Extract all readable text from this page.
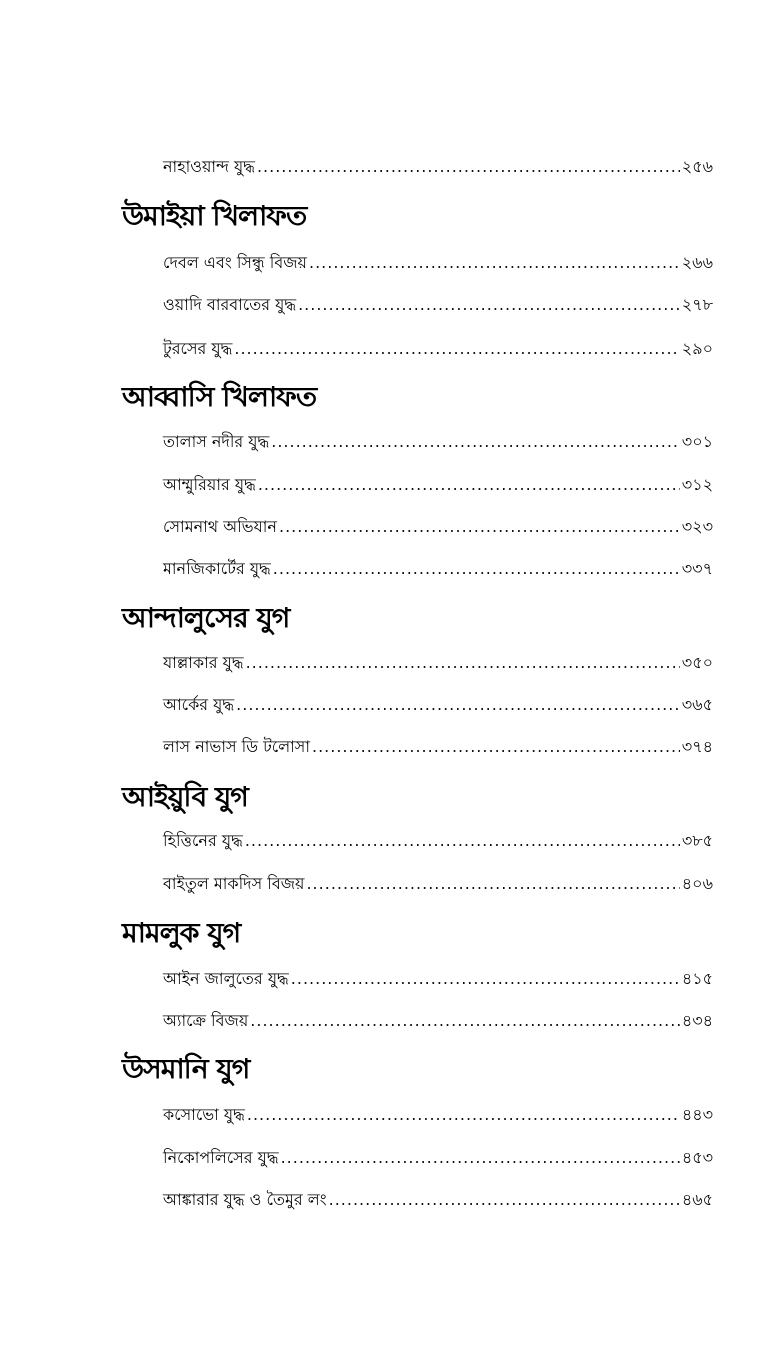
নাহাওয়ান্দ যুদ্ধ .....	২৫৬
উমাইয়া খিলাফত
দেবল এবং সিন্ধু বিজয় .....	২৬৬
ওয়াদি বারবাতের যুদ্ধ .....	২৭৮
টুরসের যুদ্ধ .....	২৯০
আব্বাসি খিলাফত
তালাস নদীর যুদ্ধ .....	৩০১
আম্মুরিয়ার যুদ্ধ .....	৩১২
সোমনাথ অভিযান .....	৩২৩
মানজিকার্টের যুদ্ধ .....	৩৩৭
আন্দালুসের যুগ
যাল্লাকার যুদ্ধ .....	৩৫০
আর্কের যুদ্ধ .....	৩৬৫
লাস নাভাস ডি টলোসা .....	৩৭৪
আইয়ুবি যুগ
হিত্তিনের যুদ্ধ .....	৩৮৫
বাইতুল মাকদিস বিজয় .....	৪০৬
মামলুক যুগ
আইন জালুতের যুদ্ধ .....	৪১৫
অ্যাক্রে বিজয় .....	৪৩৪
উসমানি যুগ
কসোভো যুদ্ধ .....	৪৪৩
নিকোপলিসের যুদ্ধ .....	৪৫৩
আঙ্কারার যুদ্ধ ও তৈমুর লং .....	৪৬৫
